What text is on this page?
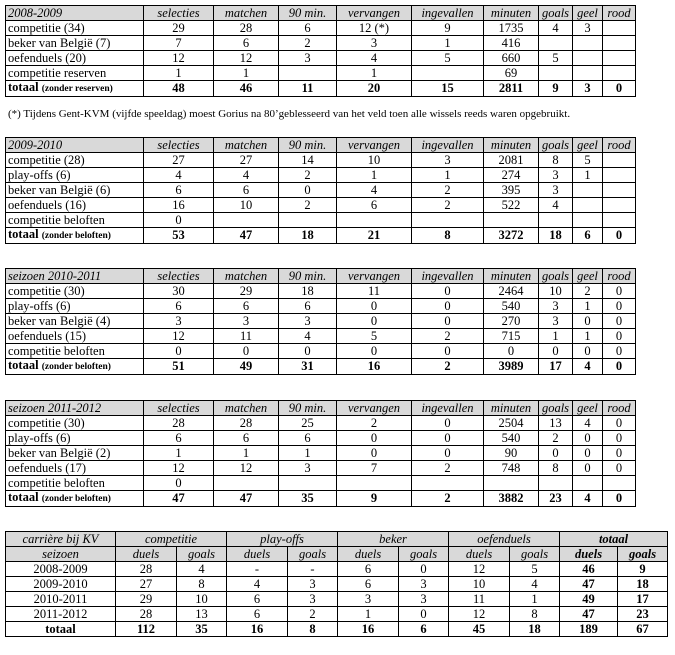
2008-2009	selecties	matchen	90 min.	vervangen	ingevallen	minuten	goals	geel	rood
competitie (34)	29	28	6	12 (*)	9	1735	4	3	
beker van België (7)	7	6	2	3	1	416			
oefenduels (20)	12	12	3	4	5	660	5		
competitie reserven	1	1		1		69			
totaal (zonder reserven)	48	46	11	20	15	2811	9	3	0
(*) Tijdens Gent-KVM (vijfde speeldag) moest Gorius na 80’geblesseerd van het veld toen alle wissels reeds waren opgebruikt.
2009-2010	selecties	matchen	90 min.	vervangen	ingevallen	minuten	goals	geel	rood
competitie (28)	27	27	14	10	3	2081	8	5	
play-offs (6)	4	4	2	1	1	274	3	1	
beker van België (6)	6	6	0	4	2	395	3		
oefenduels (16)	16	10	2	6	2	522	4		
competitie beloften	0								
totaal (zonder beloften)	53	47	18	21	8	3272	18	6	0
seizoen 2010-2011	selecties	matchen	90 min.	vervangen	ingevallen	minuten	goals	geel	rood
competitie (30)	30	29	18	11	0	2464	10	2	0
play-offs (6)	6	6	6	0	0	540	3	1	0
beker van België (4)	3	3	3	0	0	270	3	0	0
oefenduels (15)	12	11	4	5	2	715	1	1	0
competitie beloften	0	0	0	0	0	0	0	0	0
totaal (zonder beloften)	51	49	31	16	2	3989	17	4	0
seizoen 2011-2012	selecties	matchen	90 min.	vervangen	ingevallen	minuten	goals	geel	rood
competitie (30)	28	28	25	2	0	2504	13	4	0
play-offs (6)	6	6	6	0	0	540	2	0	0
beker van België (2)	1	1	1	0	0	90	0	0	0
oefenduels (17)	12	12	3	7	2	748	8	0	0
competitie beloften	0								
totaal (zonder beloften)	47	47	35	9	2	3882	23	4	0
carrière bij KV	competitie		play-offs		beker		oefenduels		totaal	
seizoen	duels	goals	duels	goals	duels	goals	duels	goals	duels	goals
2008-2009	28	4	-	-	6	0	12	5	46	9
2009-2010	27	8	4	3	6	3	10	4	47	18
2010-2011	29	10	6	3	3	3	11	1	49	17
2011-2012	28	13	6	2	1	0	12	8	47	23
totaal	112	35	16	8	16	6	45	18	189	67
